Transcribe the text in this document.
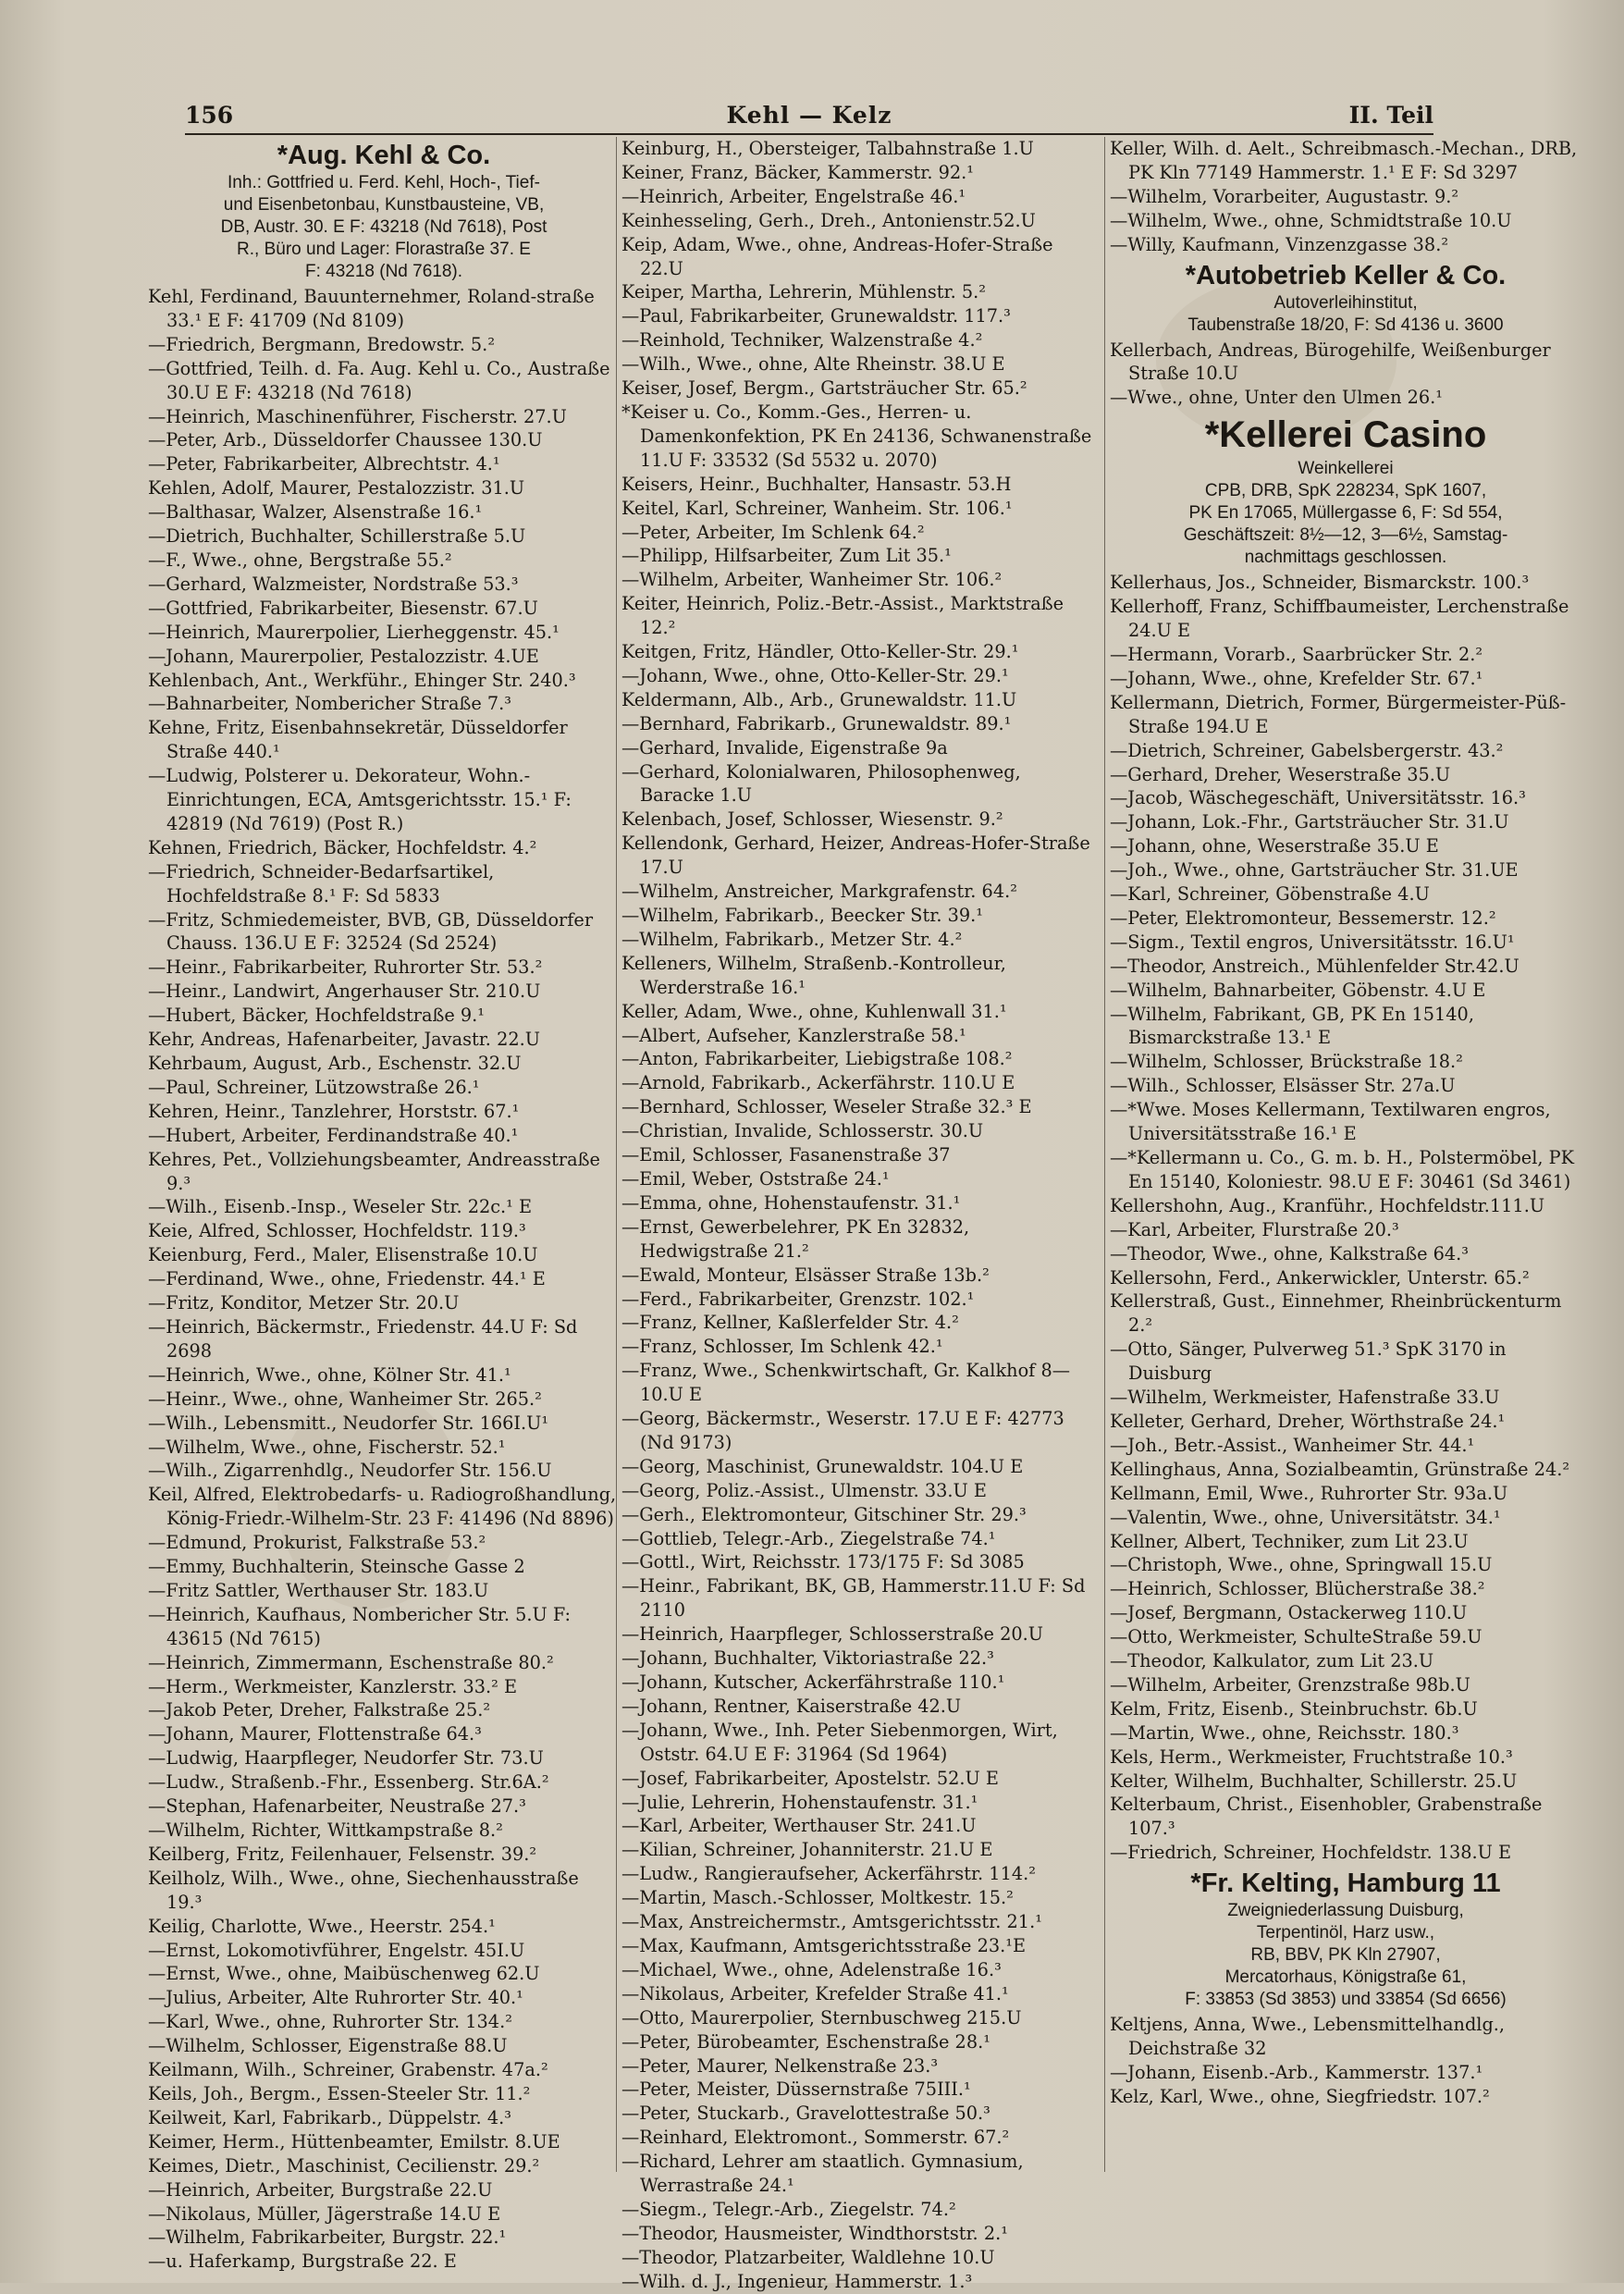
156	Kehl — Kelz	II. Teil
*Aug. Kehl & Co.
Inh.: Gottfried u. Ferd. Kehl, Hoch-, Tief-
und Eisenbetonbau, Kunstbausteine, VB,
DB, Austr. 30. E F: 43218 (Nd 7618), Post
R., Büro und Lager: Florastraße 37. E
F: 43218 (Nd 7618).

Kehl, Ferdinand, Bauunternehmer, Roland-straße 33.¹ E F: 41709 (Nd 8109)

—Friedrich, Bergmann, Bredowstr. 5.²

—Gottfried, Teilh. d. Fa. Aug. Kehl u. Co., Austraße 30.U E F: 43218 (Nd 7618)

—Heinrich, Maschinenführer, Fischerstr. 27.U

—Peter, Arb., Düsseldorfer Chaussee 130.U

—Peter, Fabrikarbeiter, Albrechtstr. 4.¹

Kehlen, Adolf, Maurer, Pestalozzistr. 31.U

—Balthasar, Walzer, Alsenstraße 16.¹

—Dietrich, Buchhalter, Schillerstraße 5.U

—F., Wwe., ohne, Bergstraße 55.²

—Gerhard, Walzmeister, Nordstraße 53.³

—Gottfried, Fabrikarbeiter, Biesenstr. 67.U

—Heinrich, Maurerpolier, Lierheggenstr. 45.¹

—Johann, Maurerpolier, Pestalozzistr. 4.UE

Kehlenbach, Ant., Werkführ., Ehinger Str. 240.³

—Bahnarbeiter, Nombericher Straße 7.³

Kehne, Fritz, Eisenbahnsekretär, Düsseldorfer Straße 440.¹

—Ludwig, Polsterer u. Dekorateur, Wohn.-Einrichtungen, ECA, Amtsgerichtsstr. 15.¹ F: 42819 (Nd 7619) (Post R.)

Kehnen, Friedrich, Bäcker, Hochfeldstr. 4.²

—Friedrich, Schneider-Bedarfsartikel, Hochfeldstraße 8.¹ F: Sd 5833

—Fritz, Schmiedemeister, BVB, GB, Düsseldorfer Chauss. 136.U E F: 32524 (Sd 2524)

—Heinr., Fabrikarbeiter, Ruhrorter Str. 53.²

—Heinr., Landwirt, Angerhauser Str. 210.U

—Hubert, Bäcker, Hochfeldstraße 9.¹

Kehr, Andreas, Hafenarbeiter, Javastr. 22.U

Kehrbaum, August, Arb., Eschenstr. 32.U

—Paul, Schreiner, Lützowstraße 26.¹

Kehren, Heinr., Tanzlehrer, Horststr. 67.¹

—Hubert, Arbeiter, Ferdinandstraße 40.¹

Kehres, Pet., Vollziehungsbeamter, Andreasstraße 9.³

—Wilh., Eisenb.-Insp., Weseler Str. 22c.¹ E

Keie, Alfred, Schlosser, Hochfeldstr. 119.³

Keienburg, Ferd., Maler, Elisenstraße 10.U

—Ferdinand, Wwe., ohne, Friedenstr. 44.¹ E

—Fritz, Konditor, Metzer Str. 20.U

—Heinrich, Bäckermstr., Friedenstr. 44.U F: Sd 2698

—Heinrich, Wwe., ohne, Kölner Str. 41.¹

—Heinr., Wwe., ohne, Wanheimer Str. 265.²

—Wilh., Lebensmitt., Neudorfer Str. 166I.U¹

—Wilhelm, Wwe., ohne, Fischerstr. 52.¹

—Wilh., Zigarrenhdlg., Neudorfer Str. 156.U

Keil, Alfred, Elektrobedarfs- u. Radiogroßhandlung, König-Friedr.-Wilhelm-Str. 23 F: 41496 (Nd 8896)

—Edmund, Prokurist, Falkstraße 53.²

—Emmy, Buchhalterin, Steinsche Gasse 2

—Fritz Sattler, Werthauser Str. 183.U

—Heinrich, Kaufhaus, Nombericher Str. 5.U F: 43615 (Nd 7615)

—Heinrich, Zimmermann, Eschenstraße 80.²

—Herm., Werkmeister, Kanzlerstr. 33.² E

—Jakob Peter, Dreher, Falkstraße 25.²

—Johann, Maurer, Flottenstraße 64.³

—Ludwig, Haarpfleger, Neudorfer Str. 73.U

—Ludw., Straßenb.-Fhr., Essenberg. Str.6A.²

—Stephan, Hafenarbeiter, Neustraße 27.³

—Wilhelm, Richter, Wittkampstraße 8.²

Keilberg, Fritz, Feilenhauer, Felsenstr. 39.²

Keilholz, Wilh., Wwe., ohne, Siechenhausstraße 19.³

Keilig, Charlotte, Wwe., Heerstr. 254.¹

—Ernst, Lokomotivführer, Engelstr. 45I.U

—Ernst, Wwe., ohne, Maibüschenweg 62.U

—Julius, Arbeiter, Alte Ruhrorter Str. 40.¹

—Karl, Wwe., ohne, Ruhrorter Str. 134.²

—Wilhelm, Schlosser, Eigenstraße 88.U

Keilmann, Wilh., Schreiner, Grabenstr. 47a.²

Keils, Joh., Bergm., Essen-Steeler Str. 11.²

Keilweit, Karl, Fabrikarb., Düppelstr. 4.³

Keimer, Herm., Hüttenbeamter, Emilstr. 8.UE

Keimes, Dietr., Maschinist, Cecilienstr. 29.²

—Heinrich, Arbeiter, Burgstraße 22.U

—Nikolaus, Müller, Jägerstraße 14.U E

—Wilhelm, Fabrikarbeiter, Burgstr. 22.¹

—u. Haferkamp, Burgstraße 22. E

Keinburg, H., Obersteiger, Talbahnstraße 1.U

Keiner, Franz, Bäcker, Kammerstr. 92.¹

—Heinrich, Arbeiter, Engelstraße 46.¹

Keinhesseling, Gerh., Dreh., Antonienstr.52.U

Keip, Adam, Wwe., ohne, Andreas-Hofer-Straße 22.U

Keiper, Martha, Lehrerin, Mühlenstr. 5.²

—Paul, Fabrikarbeiter, Grunewaldstr. 117.³

—Reinhold, Techniker, Walzenstraße 4.²

—Wilh., Wwe., ohne, Alte Rheinstr. 38.U E

Keiser, Josef, Bergm., Gartsträucher Str. 65.²

*Keiser u. Co., Komm.-Ges., Herren- u. Damenkonfektion, PK En 24136, Schwanenstraße 11.U F: 33532 (Sd 5532 u. 2070)

Keisers, Heinr., Buchhalter, Hansastr. 53.H

Keitel, Karl, Schreiner, Wanheim. Str. 106.¹

—Peter, Arbeiter, Im Schlenk 64.²

—Philipp, Hilfsarbeiter, Zum Lit 35.¹

—Wilhelm, Arbeiter, Wanheimer Str. 106.²

Keiter, Heinrich, Poliz.-Betr.-Assist., Marktstraße 12.²

Keitgen, Fritz, Händler, Otto-Keller-Str. 29.¹

—Johann, Wwe., ohne, Otto-Keller-Str. 29.¹

Keldermann, Alb., Arb., Grunewaldstr. 11.U

—Bernhard, Fabrikarb., Grunewaldstr. 89.¹

—Gerhard, Invalide, Eigenstraße 9a

—Gerhard, Kolonialwaren, Philosophenweg, Baracke 1.U

Kelenbach, Josef, Schlosser, Wiesenstr. 9.²

Kellendonk, Gerhard, Heizer, Andreas-Hofer-Straße 17.U

—Wilhelm, Anstreicher, Markgrafenstr. 64.²

—Wilhelm, Fabrikarb., Beecker Str. 39.¹

—Wilhelm, Fabrikarb., Metzer Str. 4.²

Kelleners, Wilhelm, Straßenb.-Kontrolleur, Werderstraße 16.¹

Keller, Adam, Wwe., ohne, Kuhlenwall 31.¹

—Albert, Aufseher, Kanzlerstraße 58.¹

—Anton, Fabrikarbeiter, Liebigstraße 108.²

—Arnold, Fabrikarb., Ackerfährstr. 110.U E

—Bernhard, Schlosser, Weseler Straße 32.³ E

—Christian, Invalide, Schlosserstr. 30.U

—Emil, Schlosser, Fasanenstraße 37

—Emil, Weber, Oststraße 24.¹

—Emma, ohne, Hohenstaufenstr. 31.¹

—Ernst, Gewerbelehrer, PK En 32832, Hedwigstraße 21.²

—Ewald, Monteur, Elsässer Straße 13b.²

—Ferd., Fabrikarbeiter, Grenzstr. 102.¹

—Franz, Kellner, Kaßlerfelder Str. 4.²

—Franz, Schlosser, Im Schlenk 42.¹

—Franz, Wwe., Schenkwirtschaft, Gr. Kalkhof 8—10.U E

—Georg, Bäckermstr., Weserstr. 17.U E F: 42773 (Nd 9173)

—Georg, Maschinist, Grunewaldstr. 104.U E

—Georg, Poliz.-Assist., Ulmenstr. 33.U E

—Gerh., Elektromonteur, Gitschiner Str. 29.³

—Gottlieb, Telegr.-Arb., Ziegelstraße 74.¹

—Gottl., Wirt, Reichsstr. 173/175 F: Sd 3085

—Heinr., Fabrikant, BK, GB, Hammerstr.11.U F: Sd 2110

—Heinrich, Haarpfleger, Schlosserstraße 20.U

—Johann, Buchhalter, Viktoriastraße 22.³

—Johann, Kutscher, Ackerfährstraße 110.¹

—Johann, Rentner, Kaiserstraße 42.U

—Johann, Wwe., Inh. Peter Siebenmorgen, Wirt, Oststr. 64.U E F: 31964 (Sd 1964)

—Josef, Fabrikarbeiter, Apostelstr. 52.U E

—Julie, Lehrerin, Hohenstaufenstr. 31.¹

—Karl, Arbeiter, Werthauser Str. 241.U

—Kilian, Schreiner, Johanniterstr. 21.U E

—Ludw., Rangieraufseher, Ackerfährstr. 114.²

—Martin, Masch.-Schlosser, Moltkestr. 15.²

—Max, Anstreichermstr., Amtsgerichtsstr. 21.¹

—Max, Kaufmann, Amtsgerichtsstraße 23.¹E

—Michael, Wwe., ohne, Adelenstraße 16.³

—Nikolaus, Arbeiter, Krefelder Straße 41.¹

—Otto, Maurerpolier, Sternbuschweg 215.U

—Peter, Bürobeamter, Eschenstraße 28.¹

—Peter, Maurer, Nelkenstraße 23.³

—Peter, Meister, Düssernstraße 75III.¹

—Peter, Stuckarb., Gravelottestraße 50.³

—Reinhard, Elektromont., Sommerstr. 67.²

—Richard, Lehrer am staatlich. Gymnasium, Werrastraße 24.¹

—Siegm., Telegr.-Arb., Ziegelstr. 74.²

—Theodor, Hausmeister, Windthorststr. 2.¹

—Theodor, Platzarbeiter, Waldlehne 10.U

—Wilh. d. J., Ingenieur, Hammerstr. 1.³

Keller, Wilh. d. Aelt., Schreibmasch.-Mechan., DRB, PK Kln 77149 Hammerstr. 1.¹ E F: Sd 3297

—Wilhelm, Vorarbeiter, Augustastr. 9.²

—Wilhelm, Wwe., ohne, Schmidtstraße 10.U

—Willy, Kaufmann, Vinzenzgasse 38.²

*Autobetrieb Keller & Co.
Autoverleihinstitut,
Taubenstraße 18/20, F: Sd 4136 u. 3600

Kellerbach, Andreas, Bürogehilfe, Weißenburger Straße 10.U

—Wwe., ohne, Unter den Ulmen 26.¹

*Kellerei Casino
Weinkellerei
CPB, DRB, SpK 228234, SpK 1607,
PK En 17065, Müllergasse 6, F: Sd 554,
Geschäftszeit: 8½—12, 3—6½, Samstag-
nachmittags geschlossen.

Kellerhaus, Jos., Schneider, Bismarckstr. 100.³

Kellerhoff, Franz, Schiffbaumeister, Lerchenstraße 24.U E

—Hermann, Vorarb., Saarbrücker Str. 2.²

—Johann, Wwe., ohne, Krefelder Str. 67.¹

Kellermann, Dietrich, Former, Bürgermeister-Püß-Straße 194.U E

—Dietrich, Schreiner, Gabelsbergerstr. 43.²

—Gerhard, Dreher, Weserstraße 35.U

—Jacob, Wäschegeschäft, Universitätsstr. 16.³

—Johann, Lok.-Fhr., Gartsträucher Str. 31.U

—Johann, ohne, Weserstraße 35.U E

—Joh., Wwe., ohne, Gartsträucher Str. 31.UE

—Karl, Schreiner, Göbenstraße 4.U

—Peter, Elektromonteur, Bessemerstr. 12.²

—Sigm., Textil engros, Universitätsstr. 16.U¹

—Theodor, Anstreich., Mühlenfelder Str.42.U

—Wilhelm, Bahnarbeiter, Göbenstr. 4.U E

—Wilhelm, Fabrikant, GB, PK En 15140, Bismarckstraße 13.¹ E

—Wilhelm, Schlosser, Brückstraße 18.²

—Wilh., Schlosser, Elsässer Str. 27a.U

—*Wwe. Moses Kellermann, Textilwaren engros, Universitätsstraße 16.¹ E

—*Kellermann u. Co., G. m. b. H., Polstermöbel, PK En 15140, Koloniestr. 98.U E F: 30461 (Sd 3461)

Kellershohn, Aug., Kranführ., Hochfeldstr.111.U

—Karl, Arbeiter, Flurstraße 20.³

—Theodor, Wwe., ohne, Kalkstraße 64.³

Kellersohn, Ferd., Ankerwickler, Unterstr. 65.²

Kellerstraß, Gust., Einnehmer, Rheinbrückenturm 2.²

—Otto, Sänger, Pulverweg 51.³ SpK 3170 in Duisburg

—Wilhelm, Werkmeister, Hafenstraße 33.U

Kelleter, Gerhard, Dreher, Wörthstraße 24.¹

—Joh., Betr.-Assist., Wanheimer Str. 44.¹

Kellinghaus, Anna, Sozialbeamtin, Grünstraße 24.²

Kellmann, Emil, Wwe., Ruhrorter Str. 93a.U

—Valentin, Wwe., ohne, Universitätstr. 34.¹

Kellner, Albert, Techniker, zum Lit 23.U

—Christoph, Wwe., ohne, Springwall 15.U

—Heinrich, Schlosser, Blücherstraße 38.²

—Josef, Bergmann, Ostackerweg 110.U

—Otto, Werkmeister, SchulteStraße 59.U

—Theodor, Kalkulator, zum Lit 23.U

—Wilhelm, Arbeiter, Grenzstraße 98b.U

Kelm, Fritz, Eisenb., Steinbruchstr. 6b.U

—Martin, Wwe., ohne, Reichsstr. 180.³

Kels, Herm., Werkmeister, Fruchtstraße 10.³

Kelter, Wilhelm, Buchhalter, Schillerstr. 25.U

Kelterbaum, Christ., Eisenhobler, Grabenstraße 107.³

—Friedrich, Schreiner, Hochfeldstr. 138.U E

*Fr. Kelting, Hamburg 11
Zweigniederlassung Duisburg,
Terpentinöl, Harz usw.,
RB, BBV, PK Kln 27907,
Mercatorhaus, Königstraße 61,
F: 33853 (Sd 3853) und 33854 (Sd 6656)

Keltjens, Anna, Wwe., Lebensmittelhandlg., Deichstraße 32

—Johann, Eisenb.-Arb., Kammerstr. 137.¹

Kelz, Karl, Wwe., ohne, Siegfriedstr. 107.²
